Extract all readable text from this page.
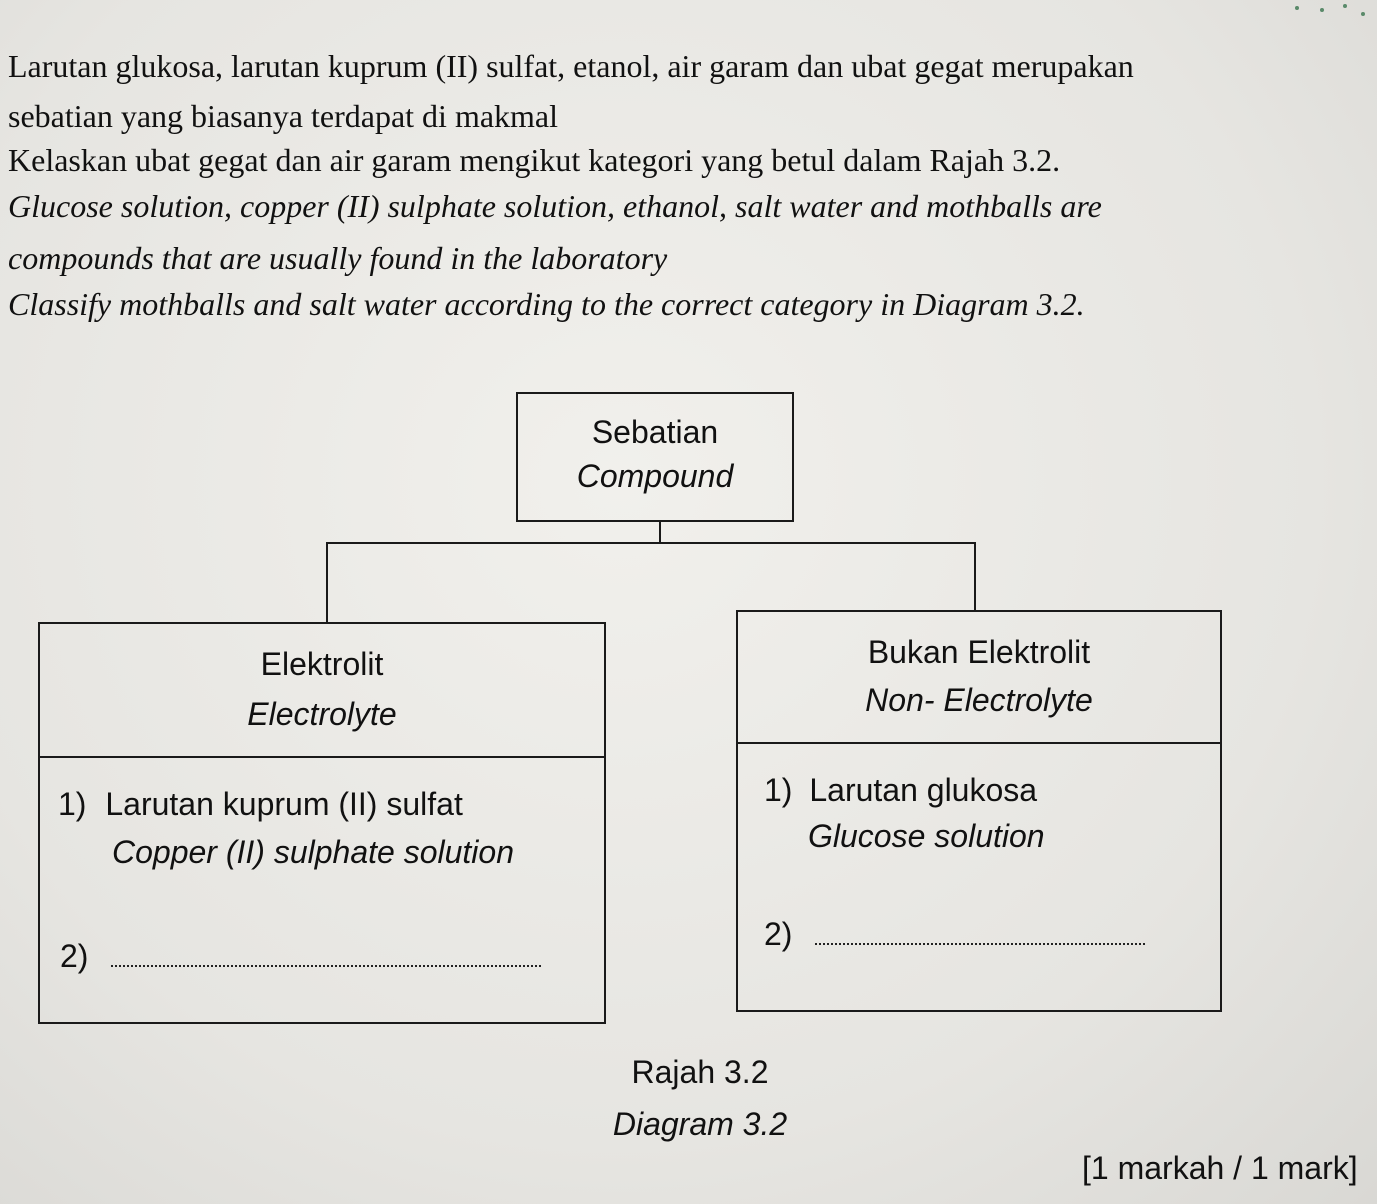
Larutan glukosa, larutan kuprum (II) sulfat, etanol, air garam dan ubat gegat merupakan
sebatian yang biasanya terdapat di makmal
Kelaskan ubat gegat dan air garam mengikut kategori yang betul dalam Rajah 3.2.
Glucose solution, copper (II) sulphate solution, ethanol, salt water and mothballs are
compounds that are usually found in the laboratory
Classify mothballs and salt water according to the correct category in Diagram 3.2.
Sebatian
Compound
Elektrolit
Electrolyte
1) Larutan kuprum (II) sulfat
Copper (II) sulphate solution
2)
Bukan Elektrolit
Non- Electrolyte
1) Larutan glukosa
Glucose solution
2)
Rajah 3.2
Diagram 3.2
[1 markah / 1 mark]
